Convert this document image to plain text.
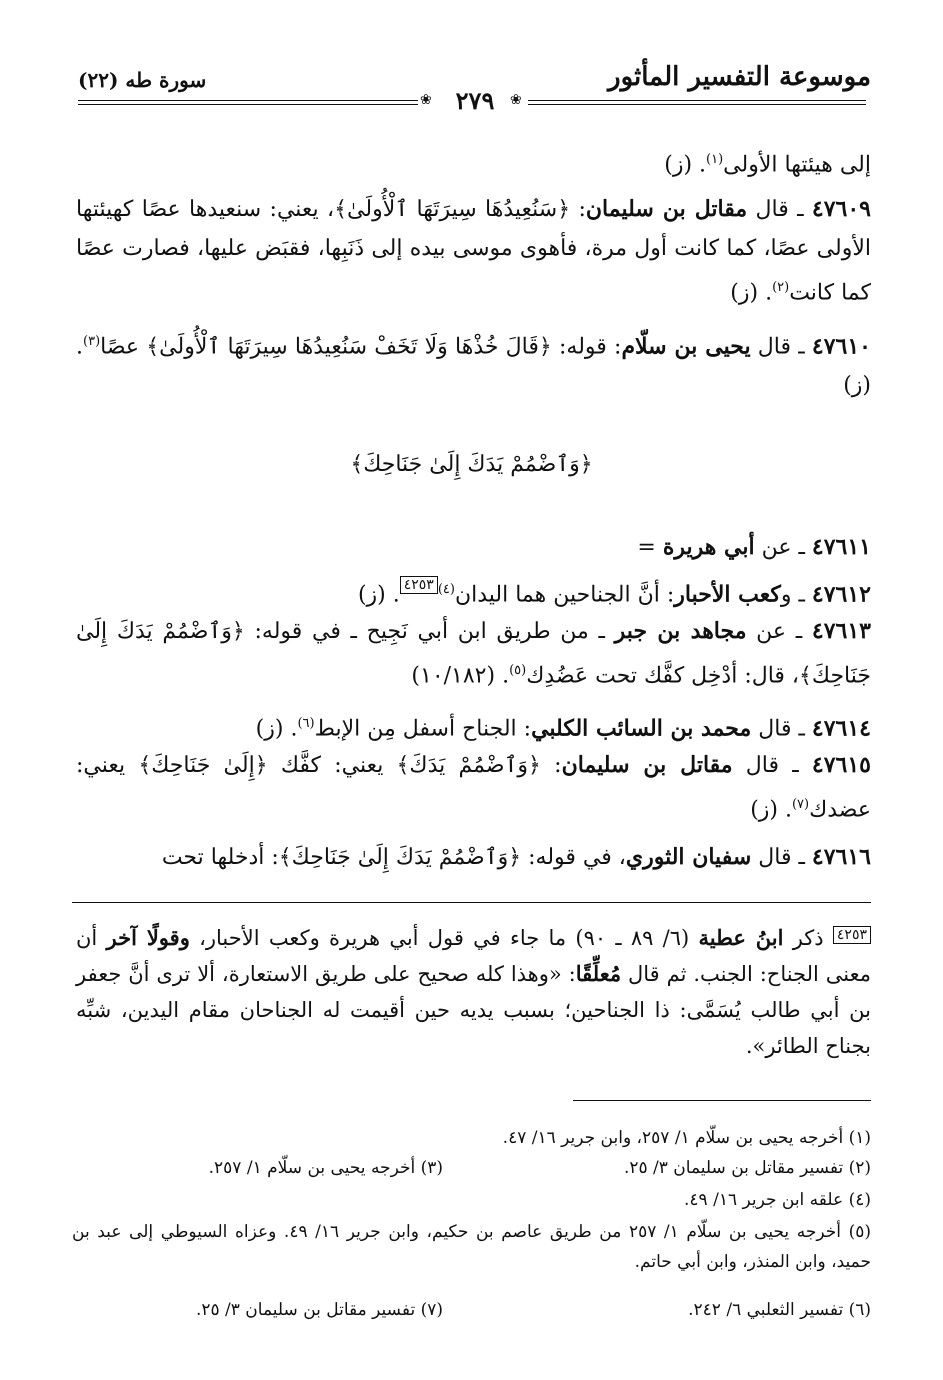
موسوعة التفسير المأثور
سورة طه (٢٢)
❀	❀
٢٧٩
إلى هيئتها الأولى$^{(١)}$. (ز)
٤٧٦٠٩ ـ قال مقاتل بن سليمان: ﴿سَنُعِيدُهَا سِيرَتَهَا ٱلْأُولَىٰ﴾، يعني: سنعيدها عصًا كهيئتها الأولى عصًا، كما كانت أول مرة، فأهوى موسى بيده إلى ذَنَبِها، فقبَض عليها، فصارت عصًا كما كانت$^{(٢)}$. (ز)
٤٧٦١٠ ـ قال يحيى بن سلّام: قوله: ﴿قَالَ خُذْهَا وَلَا تَخَفْ سَنُعِيدُهَا سِيرَتَهَا ٱلْأُولَىٰ﴾ عصًا$^{(٣)}$. (ز)
﴿وَٱضْمُمْ يَدَكَ إِلَىٰ جَنَاحِكَ﴾
٤٧٦١١ ـ عن أبي هريرة =
٤٧٦١٢ ـ وكعب الأحبار: أنَّ الجناحين هما اليدان$^{(٤)}$٤٢٥٣. (ز)
٤٧٦١٣ ـ عن مجاهد بن جبر ـ من طريق ابن أبي نَجِيح ـ في قوله: ﴿وَٱضْمُمْ يَدَكَ إِلَىٰ جَنَاحِكَ﴾، قال: أدْخِل كفَّك تحت عَضُدِك$^{(٥)}$. (١٠/١٨٢)
٤٧٦١٤ ـ قال محمد بن السائب الكلبي: الجناح أسفل مِن الإبط$^{(٦)}$. (ز)
٤٧٦١٥ ـ قال مقاتل بن سليمان: ﴿وَٱضْمُمْ يَدَكَ﴾ يعني: كفَّك ﴿إِلَىٰ جَنَاحِكَ﴾ يعني: عضدك$^{(٧)}$. (ز)
٤٧٦١٦ ـ قال سفيان الثوري، في قوله: ﴿وَٱضْمُمْ يَدَكَ إِلَىٰ جَنَاحِكَ﴾: أدخلها تحت
٤٢٥٣ ذكر ابنُ عطية (٦/ ٨٩ ـ ٩٠) ما جاء في قول أبي هريرة وكعب الأحبار، وقولًا آخر أن معنى الجناح: الجنب. ثم قال مُعلِّقًا: «وهذا كله صحيح على طريق الاستعارة، ألا ترى أنَّ جعفر بن أبي طالب يُسَمَّى: ذا الجناحين؛ بسبب يديه حين أقيمت له الجناحان مقام اليدين، شبِّه بجناح الطائر».
(١) أخرجه يحيى بن سلّام ١/ ٢٥٧، وابن جرير ١٦/ ٤٧.
(٢) تفسير مقاتل بن سليمان ٣/ ٢٥.
(٣) أخرجه يحيى بن سلّام ١/ ٢٥٧.
(٤) علقه ابن جرير ١٦/ ٤٩.
(٥) أخرجه يحيى بن سلّام ١/ ٢٥٧ من طريق عاصم بن حكيم، وابن جرير ١٦/ ٤٩. وعزاه السيوطي إلى عبد بن حميد، وابن المنذر، وابن أبي حاتم.
(٦) تفسير الثعلبي ٦/ ٢٤٢.
(٧) تفسير مقاتل بن سليمان ٣/ ٢٥.
